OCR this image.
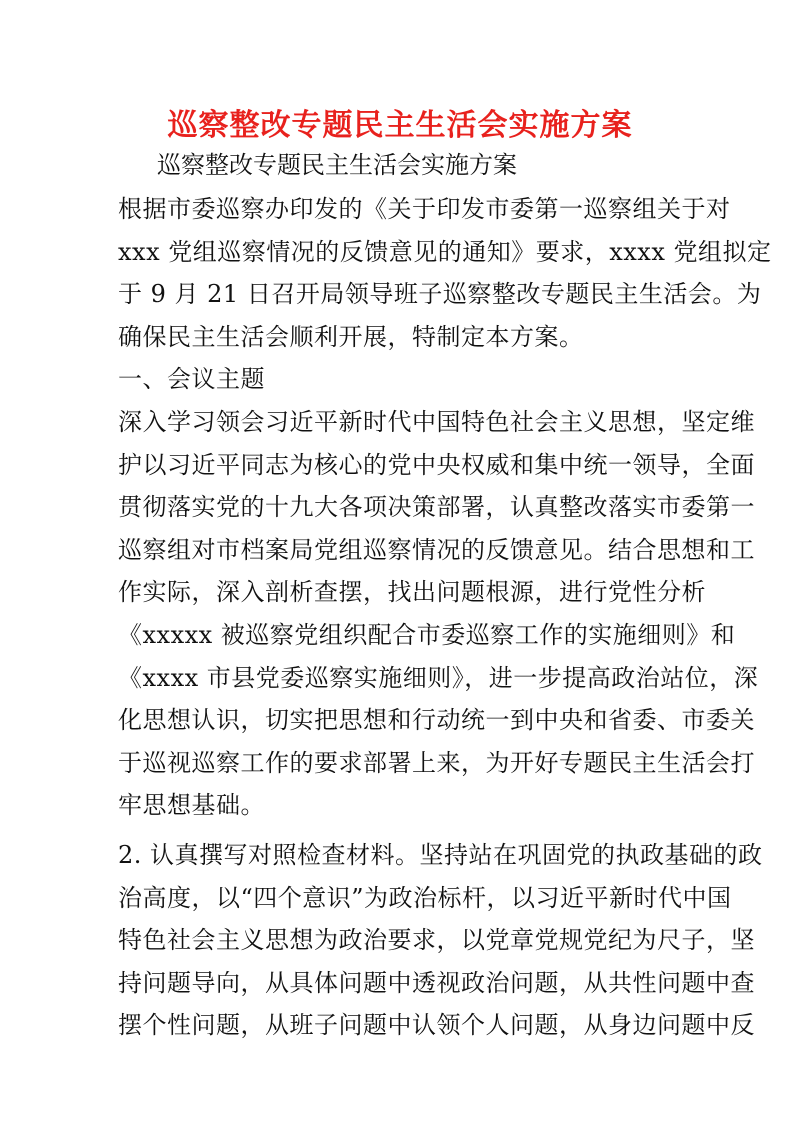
巡察整改专题民主生活会实施方案

巡察整改专题民主生活会实施方案

根据市委巡察办印发的《关于印发市委第一巡察组关于对
xxx 党组巡察情况的反馈意见的通知》要求，xxxx 党组拟定
于 9 月 21 日召开局领导班子巡察整改专题民主生活会。为
确保民主生活会顺利开展，特制定本方案。
一、会议主题
深入学习领会习近平新时代中国特色社会主义思想，坚定维
护以习近平同志为核心的党中央权威和集中统一领导，全面
贯彻落实党的十九大各项决策部署，认真整改落实市委第一
巡察组对市档案局党组巡察情况的反馈意见。结合思想和工
作实际，深入剖析查摆，找出问题根源，进行党性分析
《xxxxx 被巡察党组织配合市委巡察工作的实施细则》和
《xxxx 市县党委巡察实施细则》，进一步提高政治站位，深
化思想认识，切实把思想和行动统一到中央和省委、市委关
于巡视巡察工作的要求部署上来，为开好专题民主生活会打
牢思想基础。
2. 认真撰写对照检查材料。坚持站在巩固党的执政基础的政
治高度，以“四个意识”为政治标杆，以习近平新时代中国
特色社会主义思想为政治要求，以党章党规党纪为尺子，坚
持问题导向，从具体问题中透视政治问题，从共性问题中查
摆个性问题，从班子问题中认领个人问题，从身边问题中反
